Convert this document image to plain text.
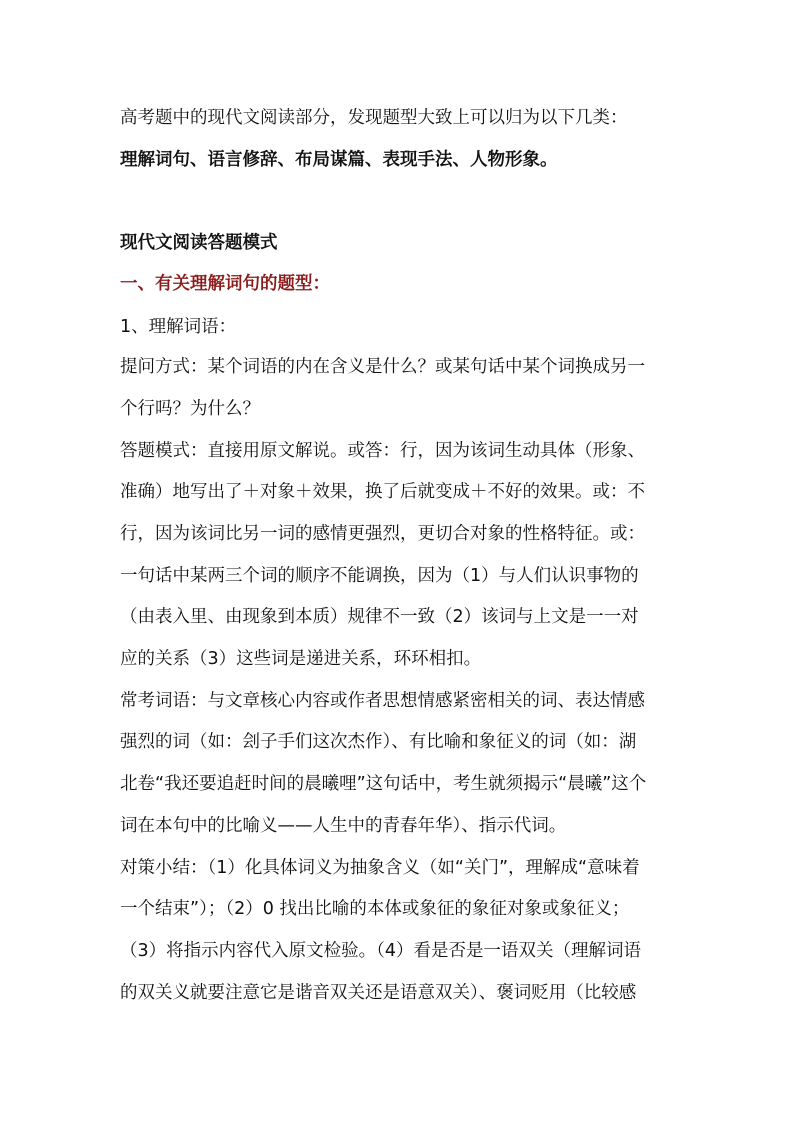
高考题中的现代文阅读部分，发现题型大致上可以归为以下几类：
理解词句、语言修辞、布局谋篇、表现手法、人物形象。
现代文阅读答题模式
一、有关理解词句的题型：
1、理解词语：
提问方式：某个词语的内在含义是什么？或某句话中某个词换成另一
个行吗？为什么？
答题模式：直接用原文解说。或答：行，因为该词生动具体（形象、
准确）地写出了＋对象＋效果，换了后就变成＋不好的效果。或：不
行，因为该词比另一词的感情更强烈，更切合对象的性格特征。或：
一句话中某两三个词的顺序不能调换，因为（1）与人们认识事物的
（由表入里、由现象到本质）规律不一致（2）该词与上文是一一对
应的关系（3）这些词是递进关系，环环相扣。
常考词语：与文章核心内容或作者思想情感紧密相关的词、表达情感
强烈的词（如：刽子手们这次杰作）、有比喻和象征义的词（如：湖
北卷“我还要追赶时间的晨曦哩”这句话中，考生就须揭示“晨曦”这个
词在本句中的比喻义——人生中的青春年华）、指示代词。
对策小结：（1）化具体词义为抽象含义（如“关门”，理解成“意味着
一个结束”）；（2）0 找出比喻的本体或象征的象征对象或象征义；
（3）将指示内容代入原文检验。（4）看是否是一语双关（理解词语
的双关义就要注意它是谐音双关还是语意双关）、褒词贬用（比较感
